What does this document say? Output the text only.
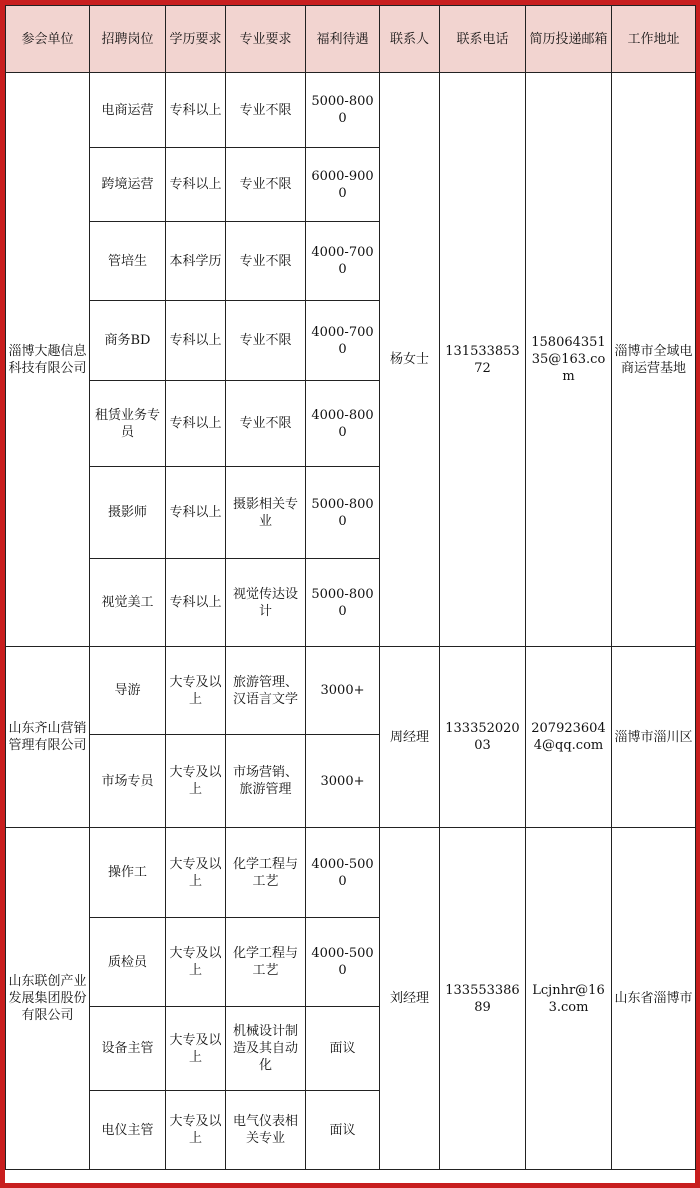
参会单位	招聘岗位	学历要求	专业要求	福利待遇	联系人	联系电话	简历投递邮箱	工作地址
淄博大趣信息科技有限公司	电商运营	专科以上	专业不限	5000-8000	杨女士	13153385372	15806435135@163.com	淄博市全域电商运营基地
	跨境运营	专科以上	专业不限	6000-9000				
	管培生	本科学历	专业不限	4000-7000				
	商务BD	专科以上	专业不限	4000-7000				
	租赁业务专员	专科以上	专业不限	4000-8000				
	摄影师	专科以上	摄影相关专业	5000-8000				
	视觉美工	专科以上	视觉传达设计	5000-8000				
山东齐山营销管理有限公司	导游	大专及以上	旅游管理、汉语言文学	3000+	周经理	13335202003	2079236044@qq.com	淄博市淄川区
	市场专员	大专及以上	市场营销、旅游管理	3000+				
山东联创产业发展集团股份有限公司	操作工	大专及以上	化学工程与工艺	4000-5000	刘经理	13355338689	Lcjnhr@163.com	山东省淄博市
	质检员	大专及以上	化学工程与工艺	4000-5000				
	设备主管	大专及以上	机械设计制造及其自动化	面议				
	电仪主管	大专及以上	电气仪表相关专业	面议				
